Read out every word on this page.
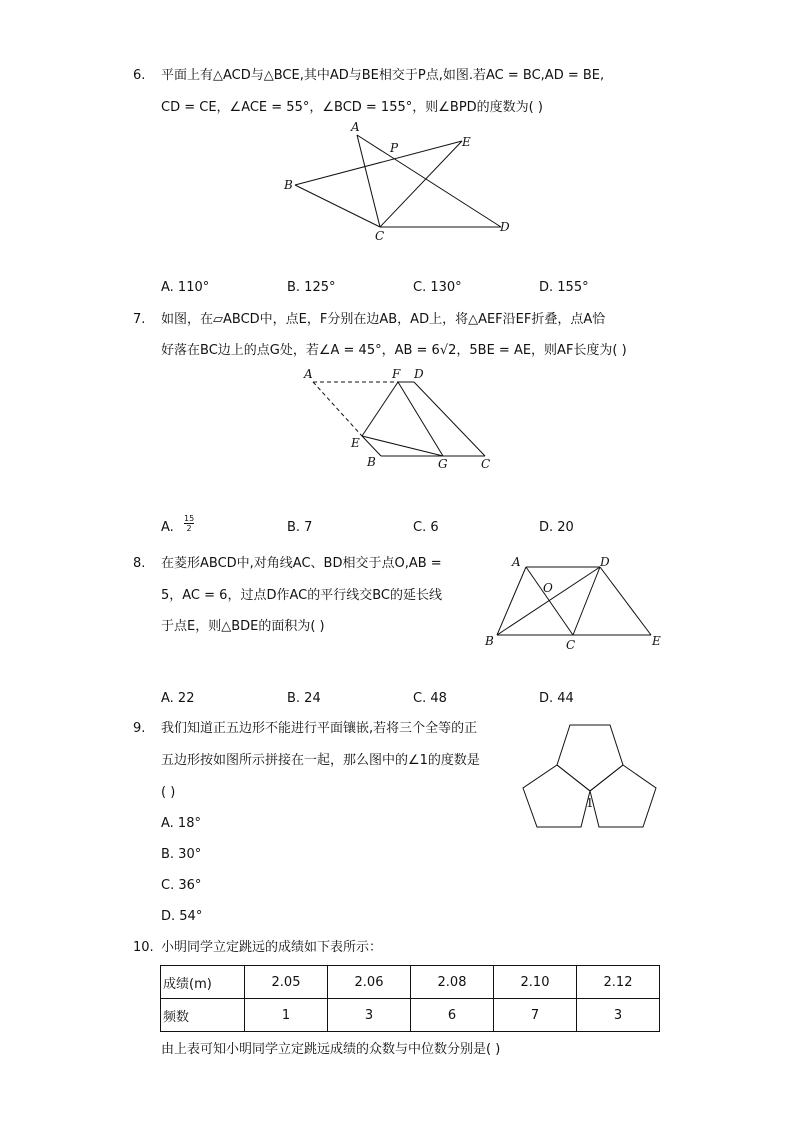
6. 平面上有△ACD与△BCE,其中AD与BE相交于P点,如图.若AC = BC,AD = BE,
CD = CE，∠ACE = 55°，∠BCD = 155°，则∠BPD的度数为( )
A
P	E
B
C
D
A. 110°	B. 125°	C. 130°	D. 155°
7. 如图，在▱ABCD中，点E，F分别在边AB，AD上，将△AEF沿EF折叠，点A恰
好落在BC边上的点G处，若∠A = 45°，AB = 6√2，5BE = AE，则AF长度为( )
A	F D
E
B	G	C
A. $\frac{15}{2}$	B. 7	C. 6	D. 20
8. 在菱形ABCD中,对角线AC、BD相交于点O,AB =
5，AC = 6，过点D作AC的平行线交BC的延长线
于点E，则△BDE的面积为( )
A	D
O
B	C	E
A. 22	B. 24	C. 48	D. 44
9. 我们知道正五边形不能进行平面镶嵌,若将三个全等的正
五边形按如图所示拼接在一起，那么图中的∠1的度数是
( )
1
A. 18°
B. 30°
C. 36°
D. 54°
10. 小明同学立定跳远的成绩如下表所示：
成绩(m)	2.05	2.06	2.08	2.10	2.12
频数	1	3	6	7	3
由上表可知小明同学立定跳远成绩的众数与中位数分别是( )
